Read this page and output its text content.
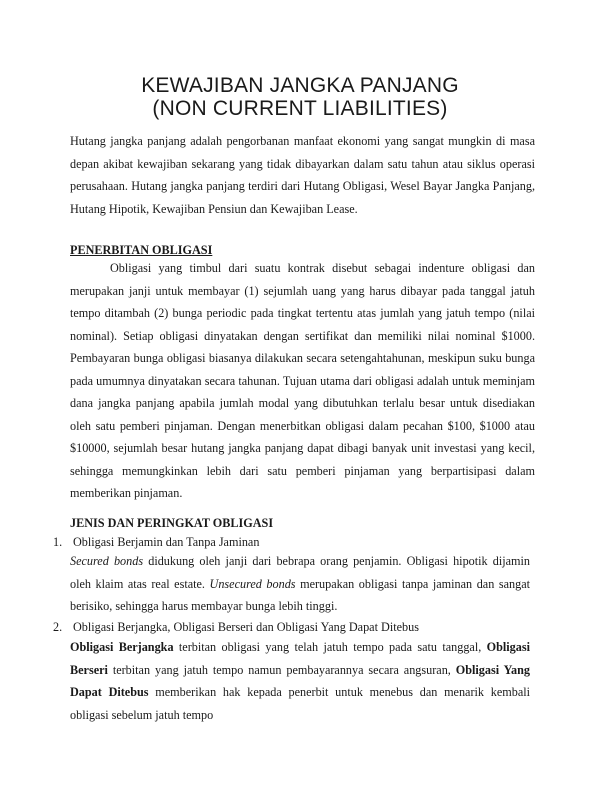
KEWAJIBAN JANGKA PANJANG
(NON CURRENT LIABILITIES)

Hutang jangka panjang adalah pengorbanan manfaat ekonomi yang sangat mungkin di masa depan akibat kewajiban sekarang yang tidak dibayarkan dalam satu tahun atau siklus operasi perusahaan. Hutang jangka panjang terdiri dari Hutang Obligasi, Wesel Bayar Jangka Panjang, Hutang Hipotik, Kewajiban Pensiun dan Kewajiban Lease.

PENERBITAN OBLIGASI

Obligasi yang timbul dari suatu kontrak disebut sebagai indenture obligasi dan merupakan janji untuk membayar (1) sejumlah uang yang harus dibayar pada tanggal jatuh tempo ditambah (2) bunga periodic pada tingkat tertentu atas jumlah yang jatuh tempo (nilai nominal). Setiap obligasi dinyatakan dengan sertifikat dan memiliki nilai nominal $1000. Pembayaran bunga obligasi biasanya dilakukan secara setengahtahunan, meskipun suku bunga pada umumnya dinyatakan secara tahunan. Tujuan utama dari obligasi adalah untuk meminjam dana jangka panjang apabila jumlah modal yang dibutuhkan terlalu besar untuk disediakan oleh satu pemberi pinjaman. Dengan menerbitkan obligasi dalam pecahan $100, $1000 atau $10000, sejumlah besar hutang jangka panjang dapat dibagi banyak unit investasi yang kecil, sehingga memungkinkan lebih dari satu pemberi pinjaman yang berpartisipasi dalam memberikan pinjaman.

JENIS DAN PERINGKAT OBLIGASI
1. Obligasi Berjamin dan Tanpa Jaminan

Secured bonds didukung oleh janji dari bebrapa orang penjamin. Obligasi hipotik dijamin oleh klaim atas real estate. Unsecured bonds merupakan obligasi tanpa jaminan dan sangat berisiko, sehingga harus membayar bunga lebih tinggi.

2. Obligasi Berjangka, Obligasi Berseri dan Obligasi Yang Dapat Ditebus

Obligasi Berjangka terbitan obligasi yang telah jatuh tempo pada satu tanggal, Obligasi Berseri terbitan yang jatuh tempo namun pembayarannya secara angsuran, Obligasi Yang Dapat Ditebus memberikan hak kepada penerbit untuk menebus dan menarik kembali obligasi sebelum jatuh tempo
